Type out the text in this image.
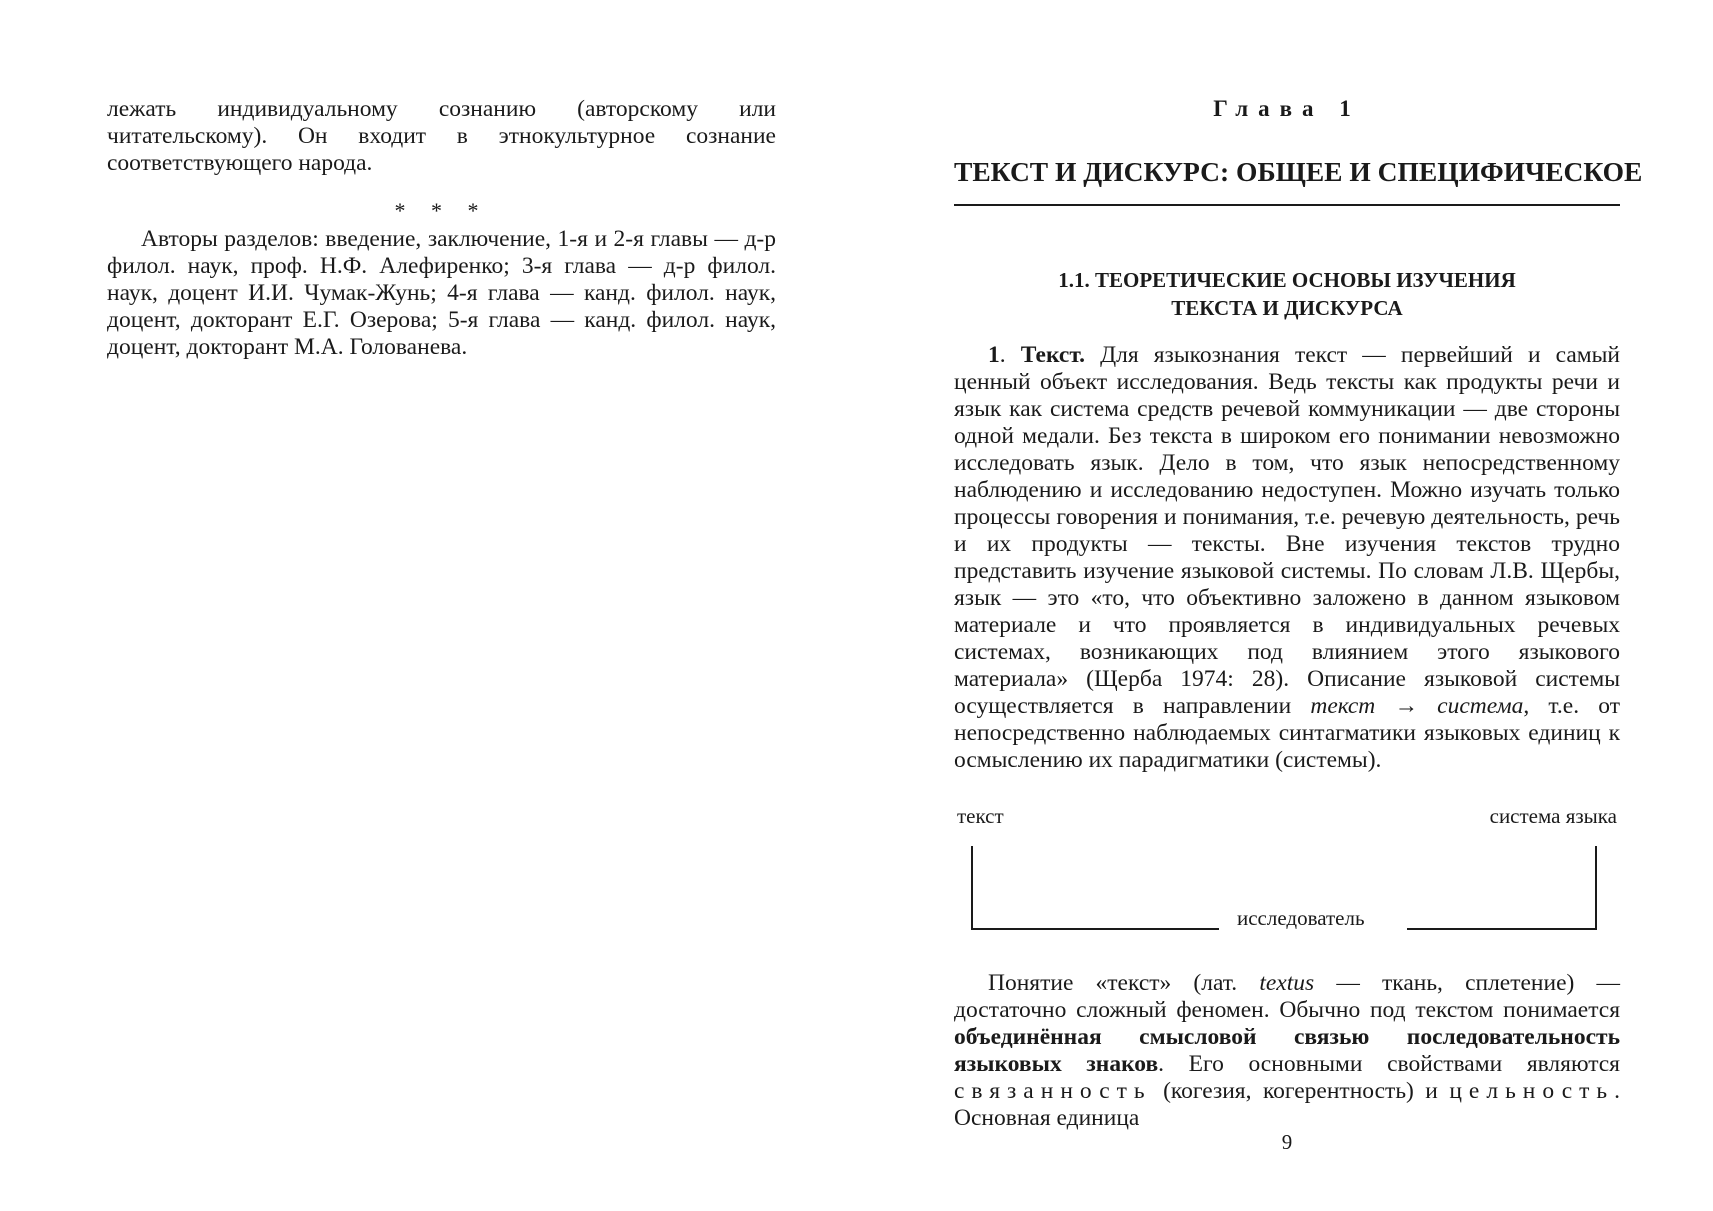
лежать индивидуальному сознанию (авторскому или читательскому). Он входит в этнокультурное сознание соответствующего народа.

* * *

Авторы разделов: введение, заключение, 1-я и 2-я главы — д-р филол. наук, проф. Н.Ф. Алефиренко; 3-я глава — д-р филол. наук, доцент И.И. Чумак-Жунь; 4-я глава — канд. филол. наук, доцент, докторант Е.Г. Озерова; 5-я глава — канд. филол. наук, доцент, докторант М.А. Голованева.

Глава 1
ТЕКСТ И ДИСКУРС: ОБЩЕЕ И СПЕЦИФИЧЕСКОЕ
1.1. ТЕОРЕТИЧЕСКИЕ ОСНОВЫ ИЗУЧЕНИЯ
ТЕКСТА И ДИСКУРСА

1. Текст. Для языкознания текст — первейший и самый ценный объект исследования. Ведь тексты как продукты речи и язык как система средств речевой коммуникации — две стороны одной медали. Без текста в широком его понимании невозможно исследовать язык. Дело в том, что язык непосредственному наблюдению и исследованию недоступен. Можно изучать только процессы говорения и понимания, т.е. речевую деятельность, речь и их продукты — тексты. Вне изучения текстов трудно представить изучение языковой системы. По словам Л.В. Щербы, язык — это «то, что объективно заложено в данном языковом материале и что проявляется в индивидуальных речевых системах, возникающих под влиянием этого языкового материала» (Щерба 1974: 28). Описание языковой системы осуществляется в направлении текст → система, т.е. от непосредственно наблюдаемых синтагматики языковых единиц к осмыслению их парадигматики (системы).

текст	система языка
исследователь

Понятие «текст» (лат. textus — ткань, сплетение) — достаточно сложный феномен. Обычно под текстом понимается объединённая смысловой связью последовательность языковых знаков. Его основными свойствами являются связанность (когезия, когерентность) и цельность. Основная единица

9
